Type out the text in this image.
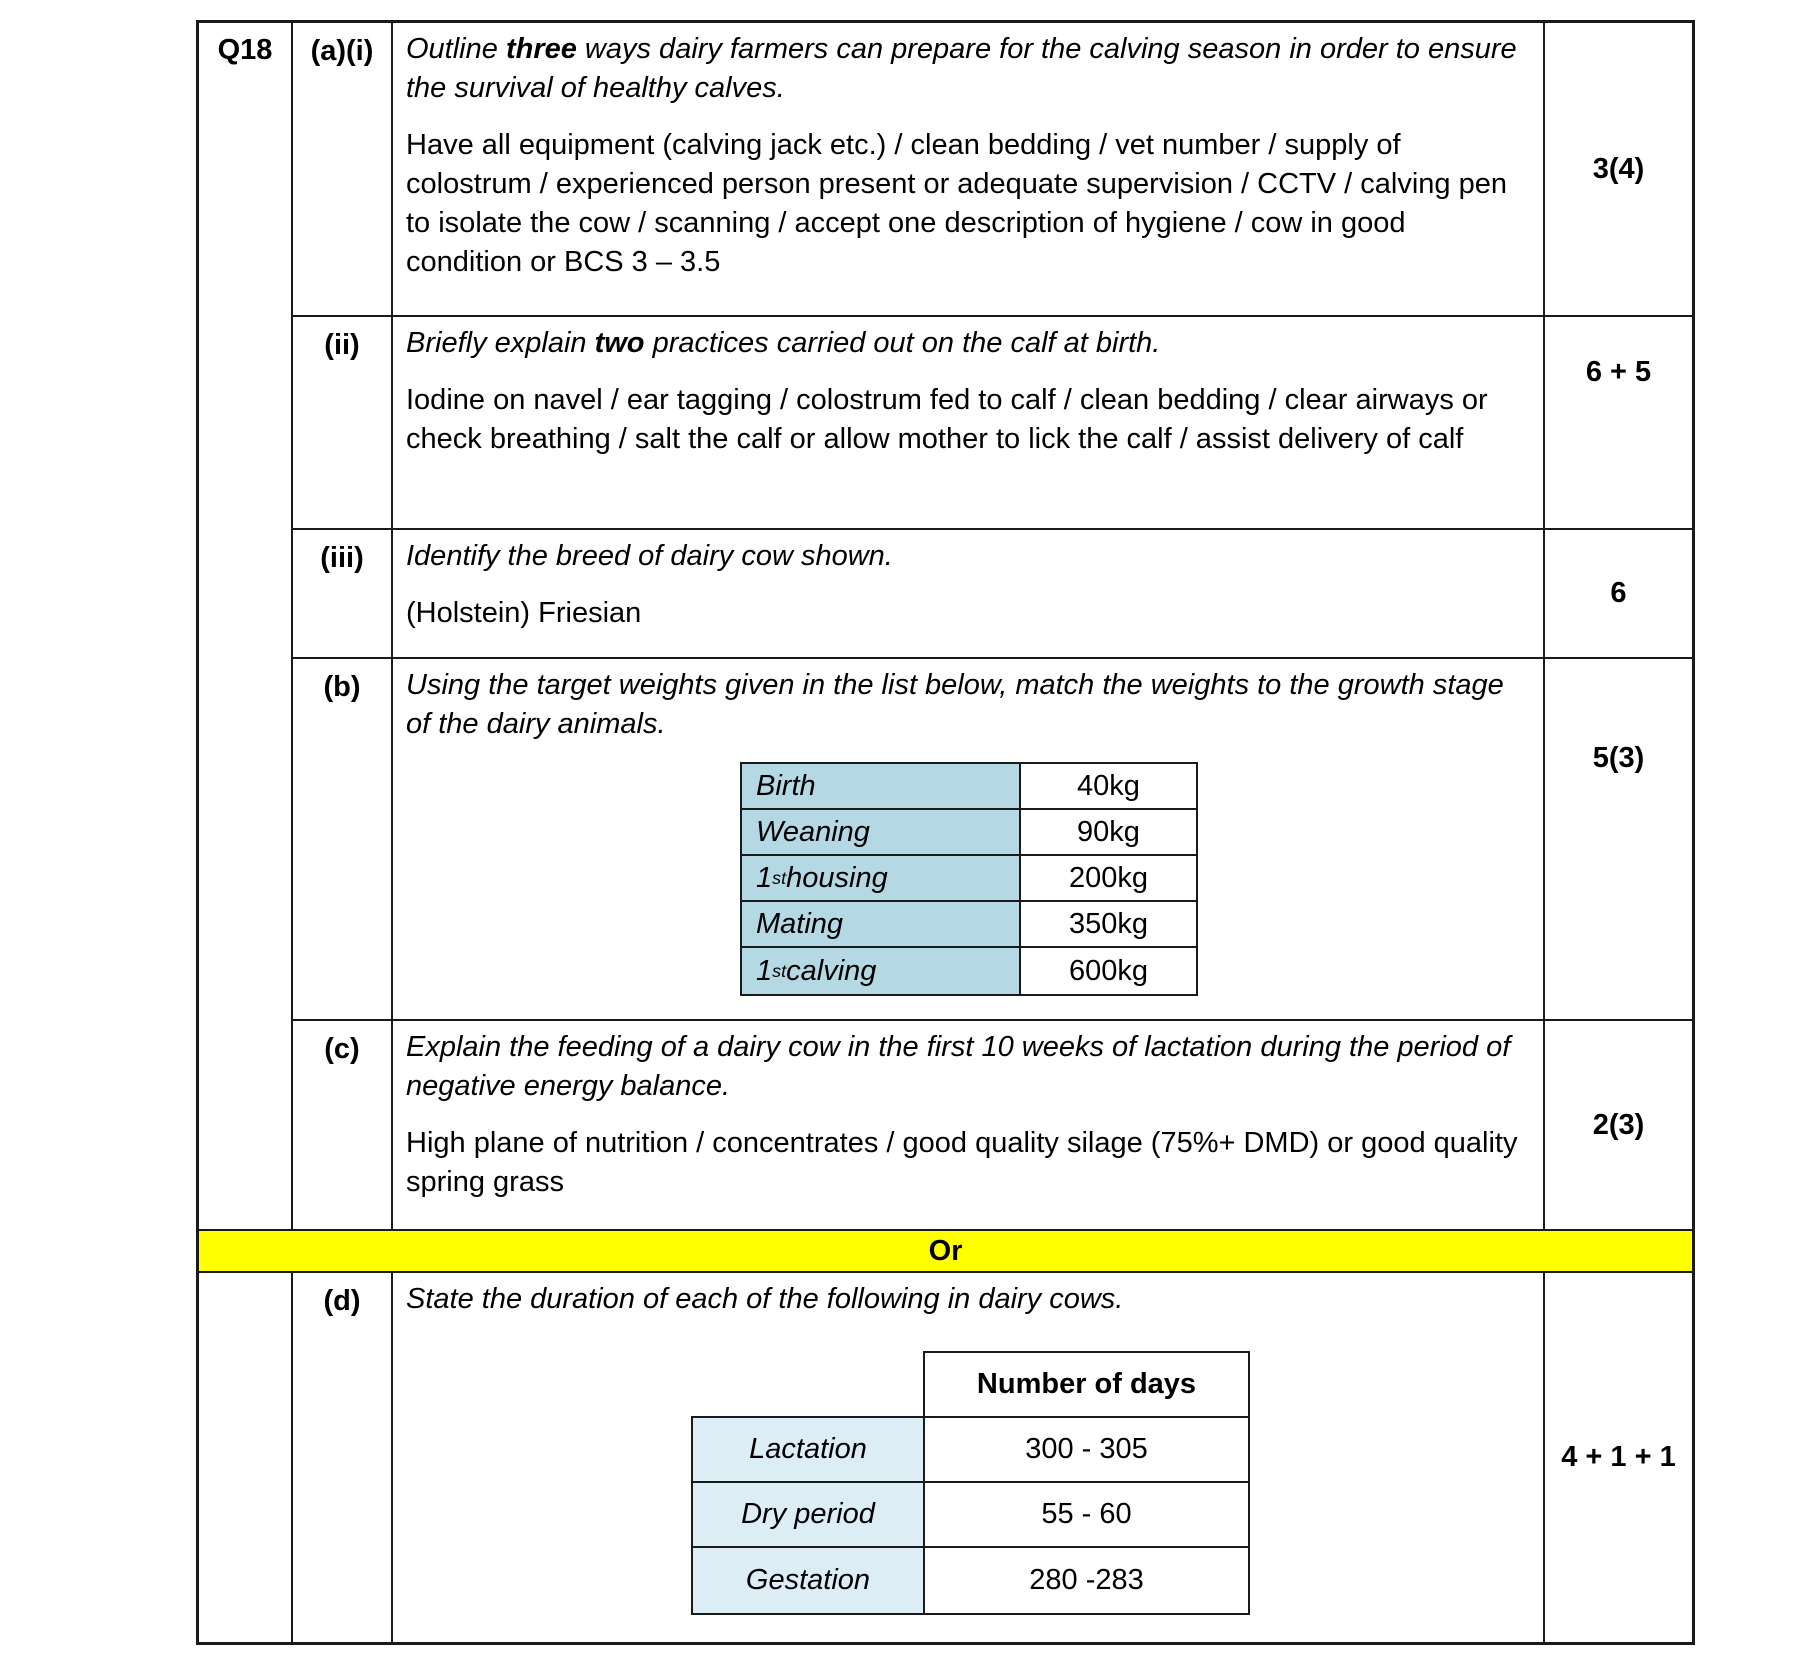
Q18	(a)(i)	Outline three ways dairy farmers can prepare for the calving season in order to ensure the survival of healthy calves.
Have all equipment (calving jack etc.) / clean bedding / vet number / supply of colostrum / experienced person present or adequate supervision / CCTV / calving pen to isolate the cow / scanning / accept one description of hygiene / cow in good condition or BCS 3 – 3.5
3(4)
(ii)	Briefly explain two practices carried out on the calf at birth.
Iodine on navel / ear tagging / colostrum fed to calf / clean bedding / clear airways or check breathing / salt the calf or allow mother to lick the calf / assist delivery of calf
6 + 5
(iii)	Identify the breed of dairy cow shown.
(Holstein) Friesian
6
(b)	Using the target weights given in the list below, match the weights to the growth stage of the dairy animals.
Birth	40kg
Weaning	90kg
1 st housing	200kg
Mating	350kg
1 st calving	600kg
5(3)
(c)	Explain the feeding of a dairy cow in the first 10 weeks of lactation during the period of negative energy balance.
High plane of nutrition / concentrates / good quality silage (75%+ DMD) or good quality spring grass
2(3)
Or
(d)	State the duration of each of the following in dairy cows.
Number of days
Lactation	300 - 305
Dry period	55 - 60
Gestation	280 -283
4 + 1 + 1
